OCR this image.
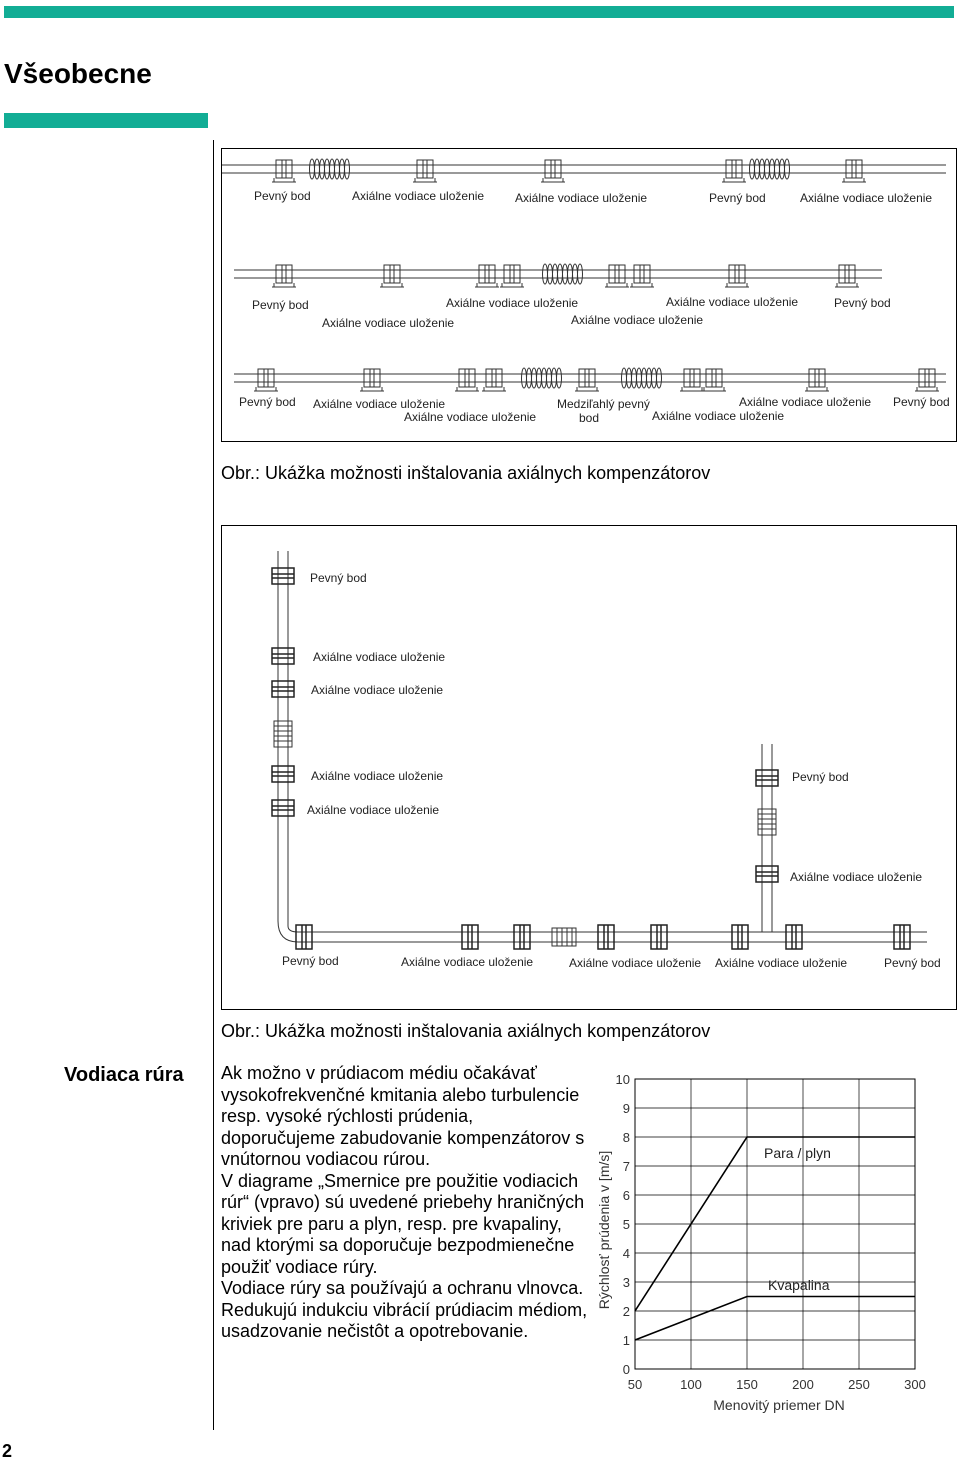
Všeobecne
Pevný bod	Axiálne vodiace uloženie	Axiálne vodiace uloženie	Pevný bod	Axiálne vodiace uloženie
Pevný bod
Axiálne vodiace uloženie
Axiálne vodiace uloženie	Axiálne vodiace uloženie
Axiálne vodiace uloženie
Pevný bod
Pevný bod Axiálne vodiace uloženie
Axiálne vodiace uloženie
Medziľahlý pevný
bod	Axiálne vodiace uloženie
Axiálne vodiace uloženie Pevný bod
Obr.: Ukážka možnosti inštalovania axiálnych kompenzátorov
Pevný bod
Axiálne vodiace uloženie
Axiálne vodiace uloženie
Axiálne vodiace uloženie
Axiálne vodiace uloženie
Pevný bod
Axiálne vodiace uloženie
Pevný bod	Axiálne vodiace uloženie	Axiálne vodiace uloženie Axiálne vodiace uloženie	Pevný bod
Obr.: Ukážka možnosti inštalovania axiálnych kompenzátorov
Vodiaca rúra Ak možno v prúdiacom médiu očakávať vysokofrekvenčné kmitania alebo turbulencie resp. vysoké rýchlosti prúdenia, doporučujeme zabudovanie kompenzátorov s vnútornou vodiacou rúrou.

V diagrame „Smernice pre použitie vodiacich rúr“ (vpravo) sú uvedené priebehy hraničných kriviek pre paru a plyn, resp. pre kvapaliny, nad ktorými sa doporučuje bezpodmienečne použiť vodiace rúry.

Vodiace rúry sa používajú a ochranu vlnovca. Redukujú indukciu vibrácií prúdiacim médiom, usadzovanie nečistôt a opotrebovanie.

50	100	150	200	250	300
0
1
2
3
4
5
6
7
8
9
10
Menovitý priemer DN
Rýchlosť prúdenia v [m/s]	Para / plyn
Kvapalina
2
